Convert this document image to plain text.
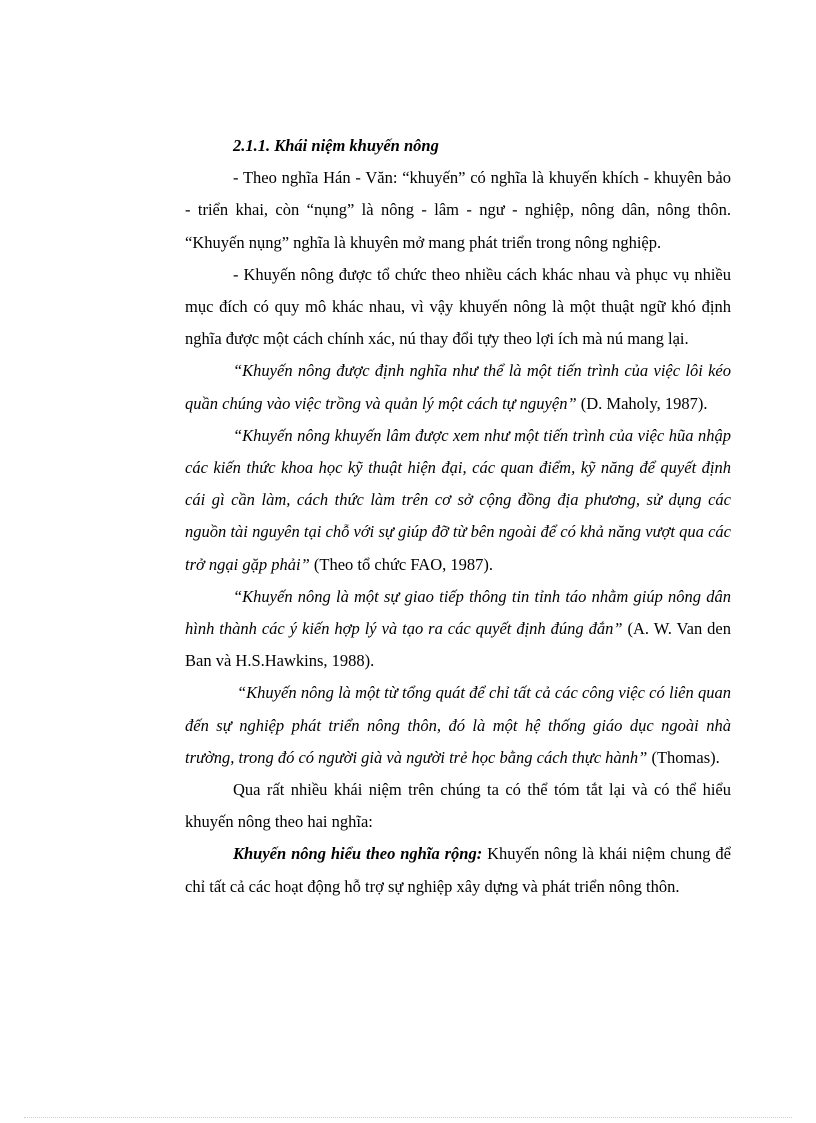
2.1.1. Khái niệm khuyến nông

- Theo nghĩa Hán - Văn: “khuyến” có nghĩa là khuyến khích - khuyên bảo - triển khai, còn “nụng” là nông - lâm - ngư - nghiệp, nông dân, nông thôn. “Khuyến nụng” nghĩa là khuyên mở mang phát triển trong nông nghiệp.

- Khuyến nông được tổ chức theo nhiều cách khác nhau và phục vụ nhiều mục đích có quy mô khác nhau, vì vậy khuyến nông là một thuật ngữ khó định nghĩa được một cách chính xác, nú thay đổi tựy theo lợi ích mà nú mang lại.

“Khuyến nông được định nghĩa như thể là một tiến trình của việc lôi kéo quần chúng vào việc trồng và quản lý một cách tự nguyện” (D. Maholy, 1987).

“Khuyến nông khuyến lâm được xem như một tiến trình của việc hũa nhập các kiến thức khoa học kỹ thuật hiện đại, các quan điểm, kỹ năng để quyết định cái gì cần làm, cách thức làm trên cơ sở cộng đồng địa phương, sử dụng các nguồn tài nguyên tại chỗ với sự giúp đỡ từ bên ngoài để có khả năng vượt qua các trở ngại gặp phải” (Theo tổ chức FAO, 1987).

“Khuyến nông là một sự giao tiếp thông tin tỉnh táo nhằm giúp nông dân hình thành các ý kiến hợp lý và tạo ra các quyết định đúng đắn” (A. W. Van den Ban và H.S.Hawkins, 1988).

“Khuyến nông là một từ tổng quát để chỉ tất cả các công việc có liên quan đến sự nghiệp phát triển nông thôn, đó là một hệ thống giáo dục ngoài nhà trường, trong đó có người già và người trẻ học bằng cách thực hành” (Thomas).

Qua rất nhiều khái niệm trên chúng ta có thể tóm tắt lại và có thể hiểu khuyến nông theo hai nghĩa:

Khuyến nông hiểu theo nghĩa rộng: Khuyến nông là khái niệm chung để chỉ tất cả các hoạt động hỗ trợ sự nghiệp xây dựng và phát triển nông thôn.
